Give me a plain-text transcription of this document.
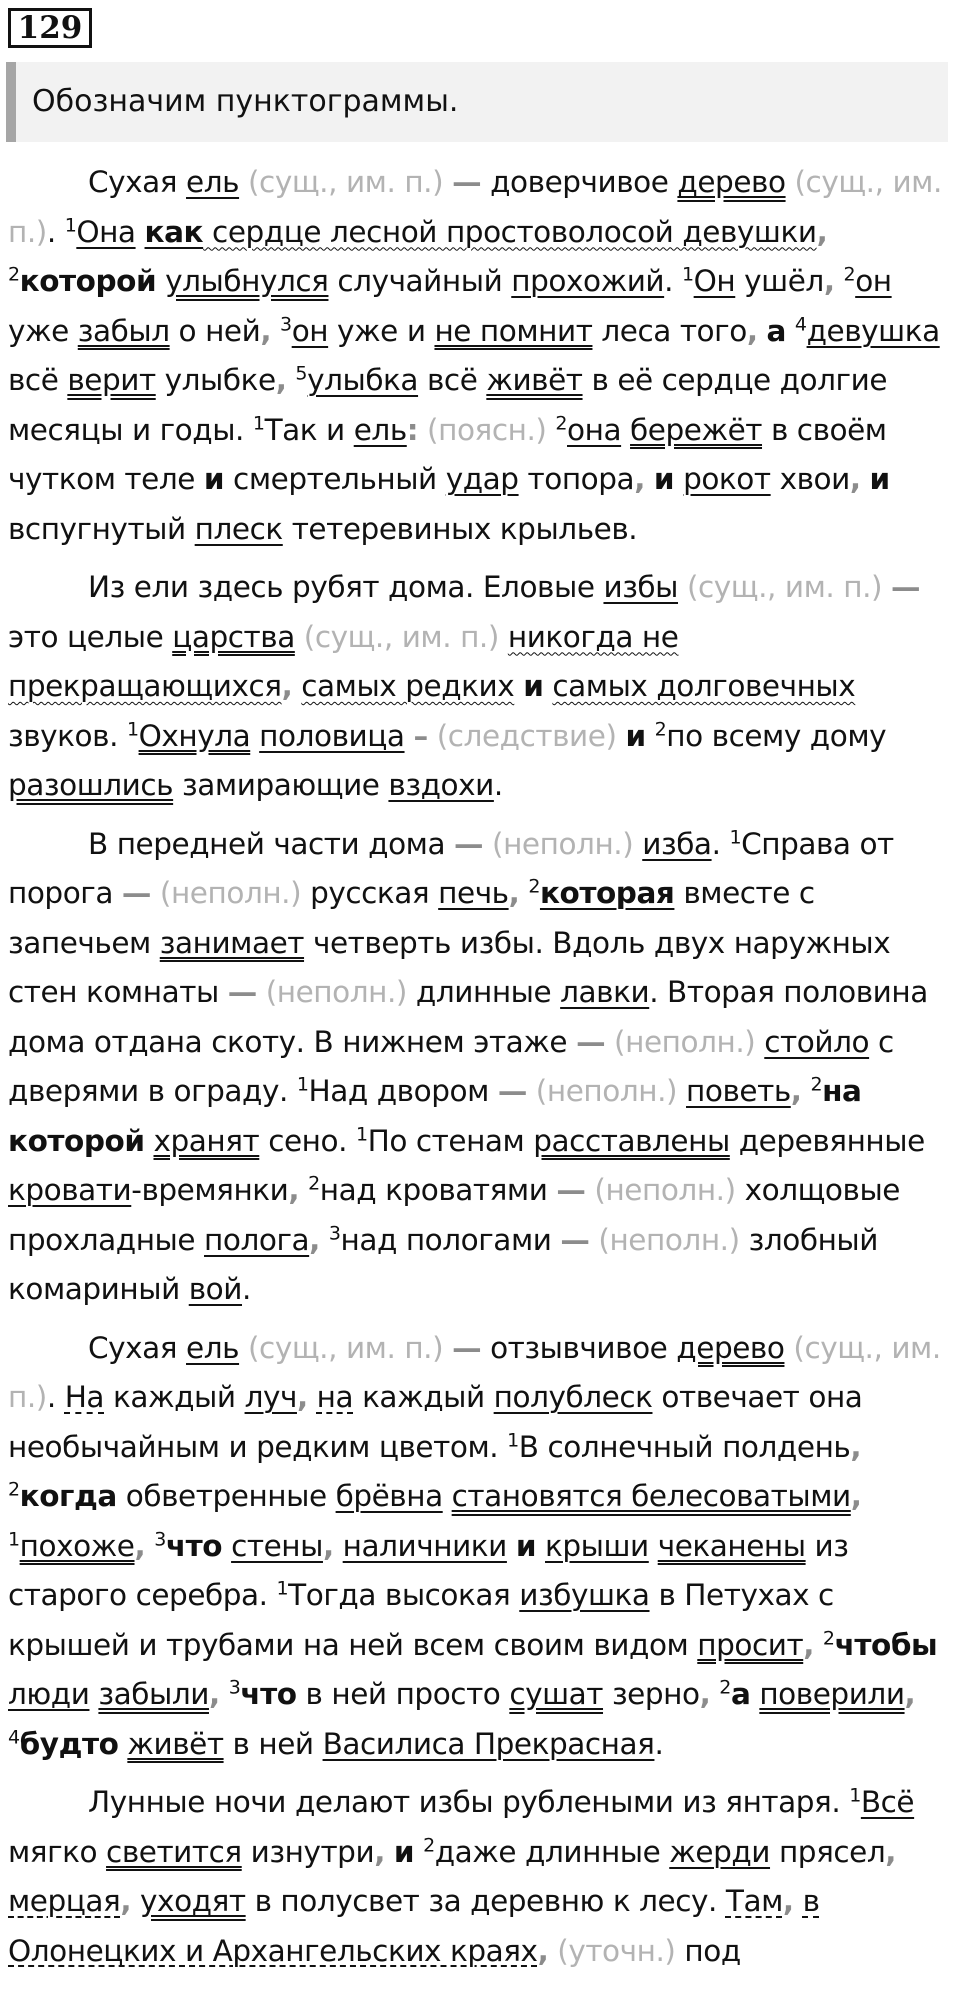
129
Обозначим пунктограммы.

Сухая ель (сущ., им. п.) — доверчивое дерево (сущ., им. п.). $^1$Она как сердце лесной простоволосой девушки, $^2$которой улыбнулся случайный прохожий. $^1$Он ушёл, $^2$он уже забыл о ней, $^3$он уже и не помнит леса того, а $^4$девушка всё верит улыбке, $^5$улыбка всё живёт в её сердце долгие месяцы и годы. $^1$Так и ель: (поясн.) $^2$она бережёт в своём чутком теле и смертельный удар топора, и рокот хвои, и вспугнутый плеск тетеревиных крыльев.

Из ели здесь рубят дома. Еловые избы (сущ., им. п.) — это целые царства (сущ., им. п.) никогда не прекращающихся, самых редких и самых долговечных звуков. $^1$Охнула половица – (следствие) и $^2$по всему дому разошлись замирающие вздохи.

В передней части дома — (неполн.) изба. $^1$Справа от порога — (неполн.) русская печь, $^2$которая вместе с запечьем занимает четверть избы. Вдоль двух наружных стен комнаты — (неполн.) длинные лавки. Вторая половина дома отдана скоту. В нижнем этаже — (неполн.) стойло с дверями в ограду. $^1$Над двором — (неполн.) поветь, $^2$на которой хранят сено. $^1$По стенам расставлены деревянные кровати-времянки, $^2$над кроватями — (неполн.) холщовые прохладные полога, $^3$над пологами — (неполн.) злобный комариный вой.

Сухая ель (сущ., им. п.) — отзывчивое дерево (сущ., им. п.). На каждый луч, на каждый полублеск отвечает она необычайным и редким цветом. $^1$В солнечный полдень, $^2$когда обветренные брёвна становятся белесоватыми, $^1$похоже, $^3$что стены, наличники и крыши чеканены из старого серебра. $^1$Тогда высокая избушка в Петухах с крышей и трубами на ней всем своим видом просит, $^2$чтобы люди забыли, $^3$что в ней просто сушат зерно, $^2$а поверили, $^4$будто живёт в ней Василиса Прекрасная.

Лунные ночи делают избы рублеными из янтаря. $^1$Всё мягко светится изнутри, и $^2$даже длинные жерди прясел, мерцая, уходят в полусвет за деревню к лесу. Там, в Олонецких и Архангельских краях, (уточн.) под
